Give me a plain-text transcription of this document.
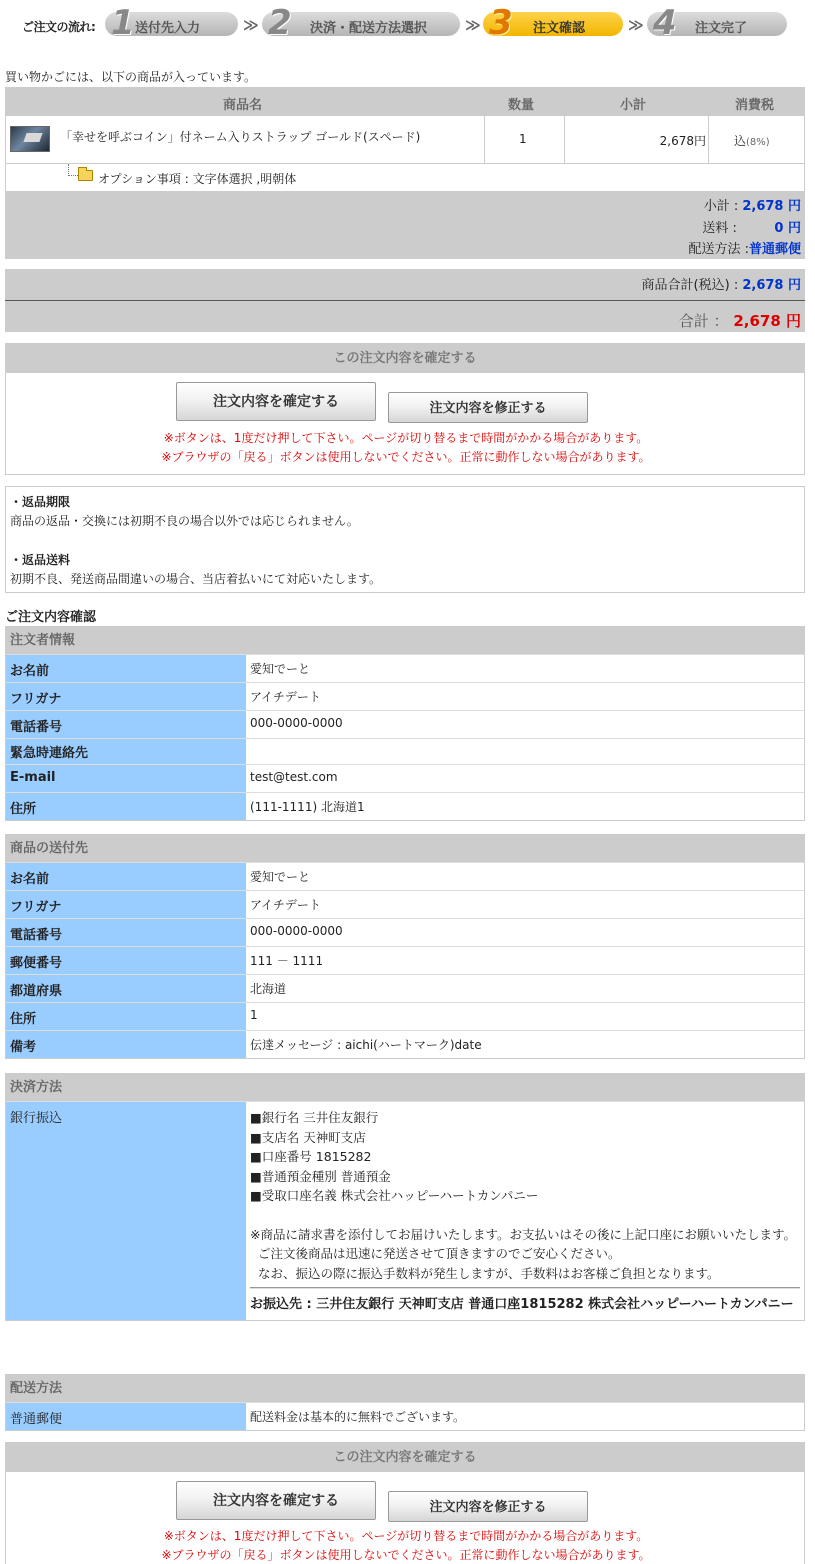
ご注文の流れ: 1 送付先入力	≫ 2 決済・配送方法選択	≫ 3 注文確認	≫ 4 注文完了
買い物かごには、以下の商品が入っています。
商品名	数量	小計	消費税
「幸せを呼ぶコイン」付ネーム入りストラップ ゴールド(スペード)	1	2,678円 込(8%)
オプション事項 : 文字体選択 ,明朝体
小計 : 2,678 円
送料 :	0 円
配送方法 :普通郵便
商品合計(税込) : 2,678 円
合計 ： 2,678 円
この注文内容を確定する
注文内容を確定する	注文内容を修正する
※ボタンは、1度だけ押して下さい。ページが切り替るまで時間がかかる場合があります。
※ブラウザの「戻る」ボタンは使用しないでください。正常に動作しない場合があります。
・返品期限
商品の返品・交換には初期不良の場合以外では応じられません。
・返品送料
初期不良、発送商品間違いの場合、当店着払いにて対応いたします。
ご注文内容確認
注文者情報
お名前	愛知でーと
フリガナ	アイチデート
電話番号	000-0000-0000
緊急時連絡先
E-mail	test@test.com
住所	(111-1111) 北海道1
商品の送付先
お名前	愛知でーと
フリガナ	アイチデート
電話番号	000-0000-0000
郵便番号	111 － 1111
都道府県	北海道
住所	1
備考	伝達メッセージ : aichi(ハートマーク)date
決済方法
銀行振込	■銀行名 三井住友銀行
■支店名 天神町支店
■口座番号 1815282
■普通預金種別 普通預金
■受取口座名義 株式会社ハッピーハートカンパニー
※商品に請求書を添付してお届けいたします。お支払いはその後に上記口座にお願いいたします。
ご注文後商品は迅速に発送させて頂きますのでご安心ください。
なお、振込の際に振込手数料が発生しますが、手数料はお客様ご負担となります。
お振込先 : 三井住友銀行 天神町支店 普通口座1815282 株式会社ハッピーハートカンパニー
配送方法
普通郵便	配送料金は基本的に無料でございます。
この注文内容を確定する
注文内容を確定する	注文内容を修正する
※ボタンは、1度だけ押して下さい。ページが切り替るまで時間がかかる場合があります。
※ブラウザの「戻る」ボタンは使用しないでください。正常に動作しない場合があります。
